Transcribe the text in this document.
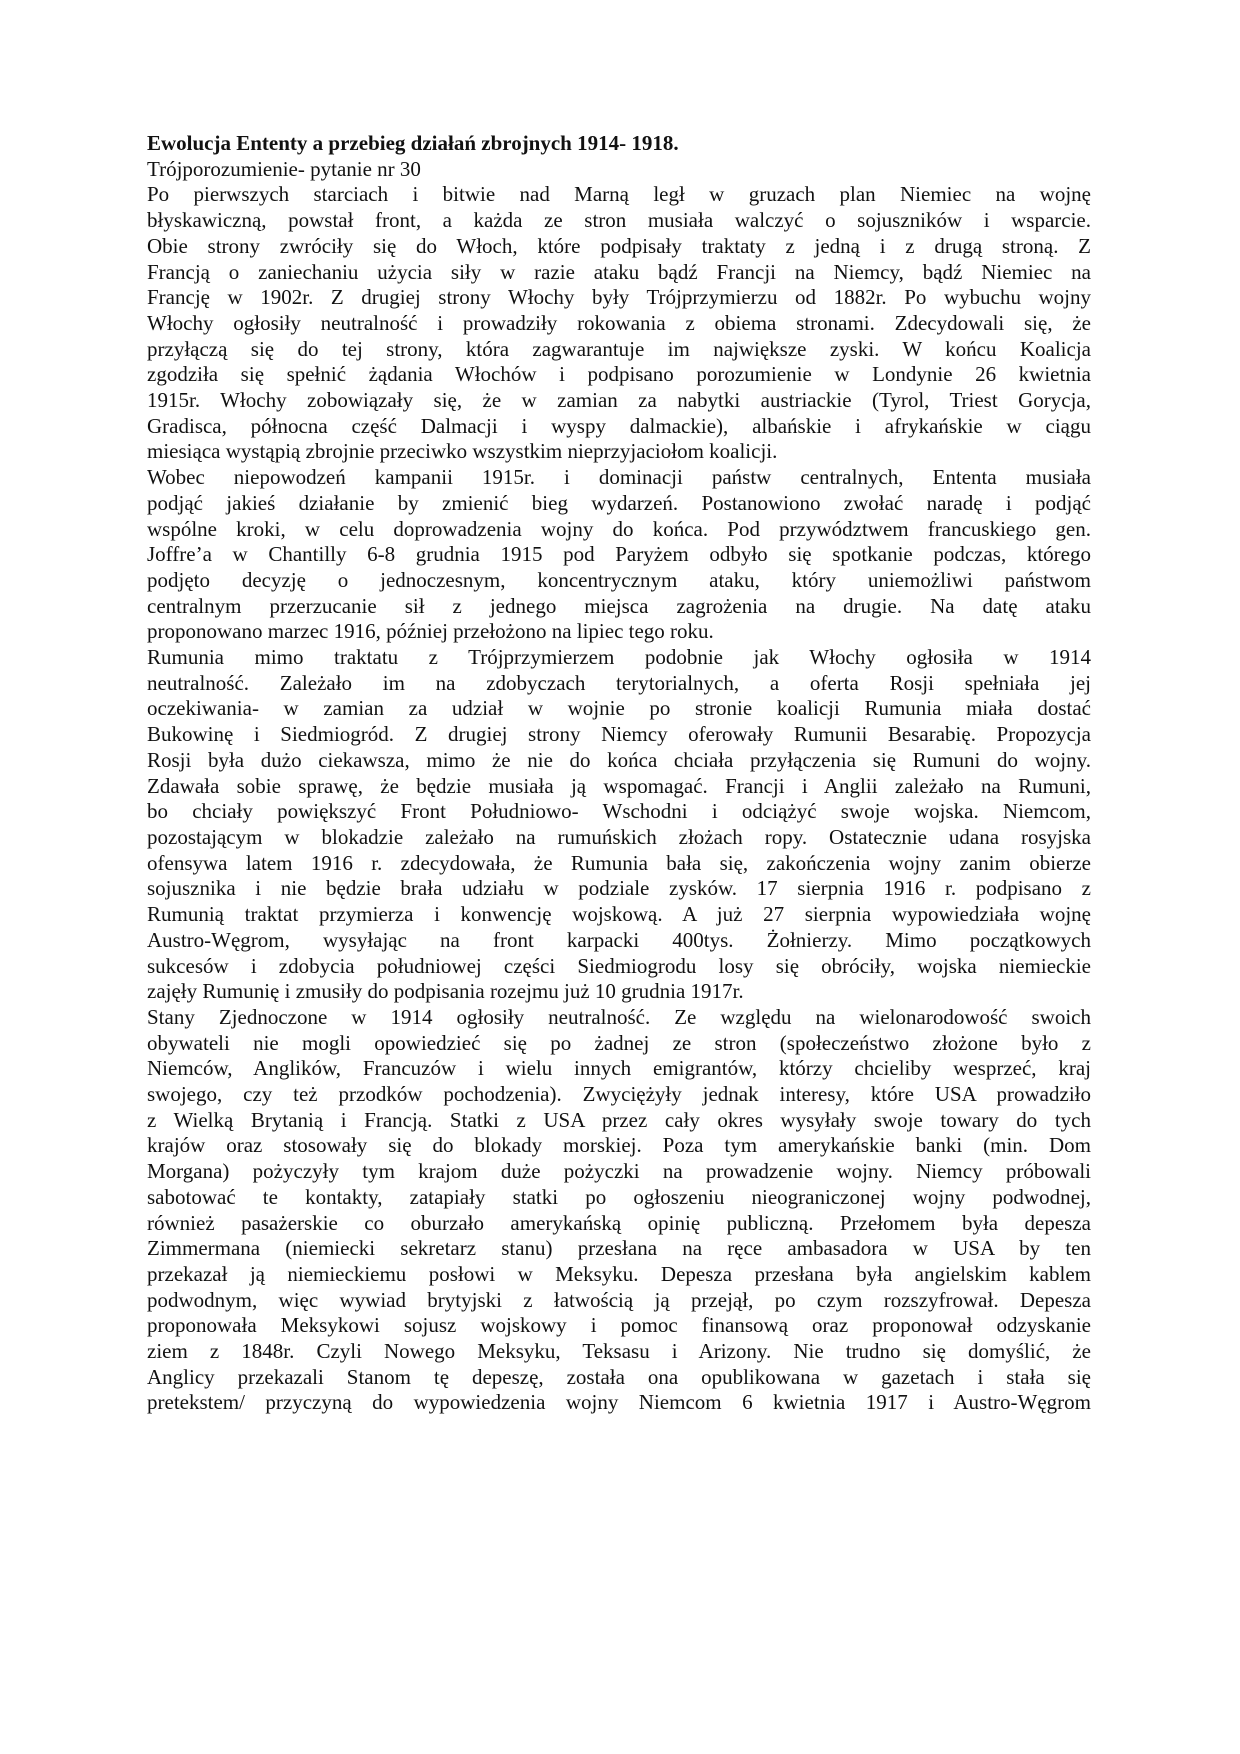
Ewolucja Ententy a przebieg działań zbrojnych 1914- 1918.
Trójporozumienie- pytanie nr 30
Po pierwszych starciach i bitwie nad Marną legł w gruzach plan Niemiec na wojnę
błyskawiczną, powstał front, a każda ze stron musiała walczyć o sojuszników i wsparcie.
Obie strony zwróciły się do Włoch, które podpisały traktaty z jedną i z drugą stroną. Z
Francją o zaniechaniu użycia siły w razie ataku bądź Francji na Niemcy, bądź Niemiec na
Francję w 1902r. Z drugiej strony Włochy były Trójprzymierzu od 1882r. Po wybuchu wojny
Włochy ogłosiły neutralność i prowadziły rokowania z obiema stronami. Zdecydowali się, że
przyłączą się do tej strony, która zagwarantuje im największe zyski. W końcu Koalicja
zgodziła się spełnić żądania Włochów i podpisano porozumienie w Londynie 26 kwietnia
1915r. Włochy zobowiązały się, że w zamian za nabytki austriackie (Tyrol, Triest Gorycja,
Gradisca, północna część Dalmacji i wyspy dalmackie), albańskie i afrykańskie w ciągu
miesiąca wystąpią zbrojnie przeciwko wszystkim nieprzyjaciołom koalicji.
Wobec niepowodzeń kampanii 1915r. i dominacji państw centralnych, Ententa musiała
podjąć jakieś działanie by zmienić bieg wydarzeń. Postanowiono zwołać naradę i podjąć
wspólne kroki, w celu doprowadzenia wojny do końca. Pod przywództwem francuskiego gen.
Joffre’a w Chantilly 6-8 grudnia 1915 pod Paryżem odbyło się spotkanie podczas, którego
podjęto decyzję o jednoczesnym, koncentrycznym ataku, który uniemożliwi państwom
centralnym przerzucanie sił z jednego miejsca zagrożenia na drugie. Na datę ataku
proponowano marzec 1916, później przełożono na lipiec tego roku.
Rumunia mimo traktatu z Trójprzymierzem podobnie jak Włochy ogłosiła w 1914
neutralność. Zależało im na zdobyczach terytorialnych, a oferta Rosji spełniała jej
oczekiwania- w zamian za udział w wojnie po stronie koalicji Rumunia miała dostać
Bukowinę i Siedmiogród. Z drugiej strony Niemcy oferowały Rumunii Besarabię. Propozycja
Rosji była dużo ciekawsza, mimo że nie do końca chciała przyłączenia się Rumuni do wojny.
Zdawała sobie sprawę, że będzie musiała ją wspomagać. Francji i Anglii zależało na Rumuni,
bo chciały powiększyć Front Południowo- Wschodni i odciążyć swoje wojska. Niemcom,
pozostającym w blokadzie zależało na rumuńskich złożach ropy. Ostatecznie udana rosyjska
ofensywa latem 1916 r. zdecydowała, że Rumunia bała się, zakończenia wojny zanim obierze
sojusznika i nie będzie brała udziału w podziale zysków. 17 sierpnia 1916 r. podpisano z
Rumunią traktat przymierza i konwencję wojskową. A już 27 sierpnia wypowiedziała wojnę
Austro-Węgrom, wysyłając na front karpacki 400tys. Żołnierzy. Mimo początkowych
sukcesów i zdobycia południowej części Siedmiogrodu losy się obróciły, wojska niemieckie
zajęły Rumunię i zmusiły do podpisania rozejmu już 10 grudnia 1917r.
Stany Zjednoczone w 1914 ogłosiły neutralność. Ze względu na wielonarodowość swoich
obywateli nie mogli opowiedzieć się po żadnej ze stron (społeczeństwo złożone było z
Niemców, Anglików, Francuzów i wielu innych emigrantów, którzy chcieliby wesprzeć, kraj
swojego, czy też przodków pochodzenia). Zwyciężyły jednak interesy, które USA prowadziło
z Wielką Brytanią i Francją. Statki z USA przez cały okres wysyłały swoje towary do tych
krajów oraz stosowały się do blokady morskiej. Poza tym amerykańskie banki (min. Dom
Morgana) pożyczyły tym krajom duże pożyczki na prowadzenie wojny. Niemcy próbowali
sabotować te kontakty, zatapiały statki po ogłoszeniu nieograniczonej wojny podwodnej,
również pasażerskie co oburzało amerykańską opinię publiczną. Przełomem była depesza
Zimmermana (niemiecki sekretarz stanu) przesłana na ręce ambasadora w USA by ten
przekazał ją niemieckiemu posłowi w Meksyku. Depesza przesłana była angielskim kablem
podwodnym, więc wywiad brytyjski z łatwością ją przejął, po czym rozszyfrował. Depesza
proponowała Meksykowi sojusz wojskowy i pomoc finansową oraz proponował odzyskanie
ziem z 1848r. Czyli Nowego Meksyku, Teksasu i Arizony. Nie trudno się domyślić, że
Anglicy przekazali Stanom tę depeszę, została ona opublikowana w gazetach i stała się
pretekstem/ przyczyną do wypowiedzenia wojny Niemcom 6 kwietnia 1917 i Austro-Węgrom
